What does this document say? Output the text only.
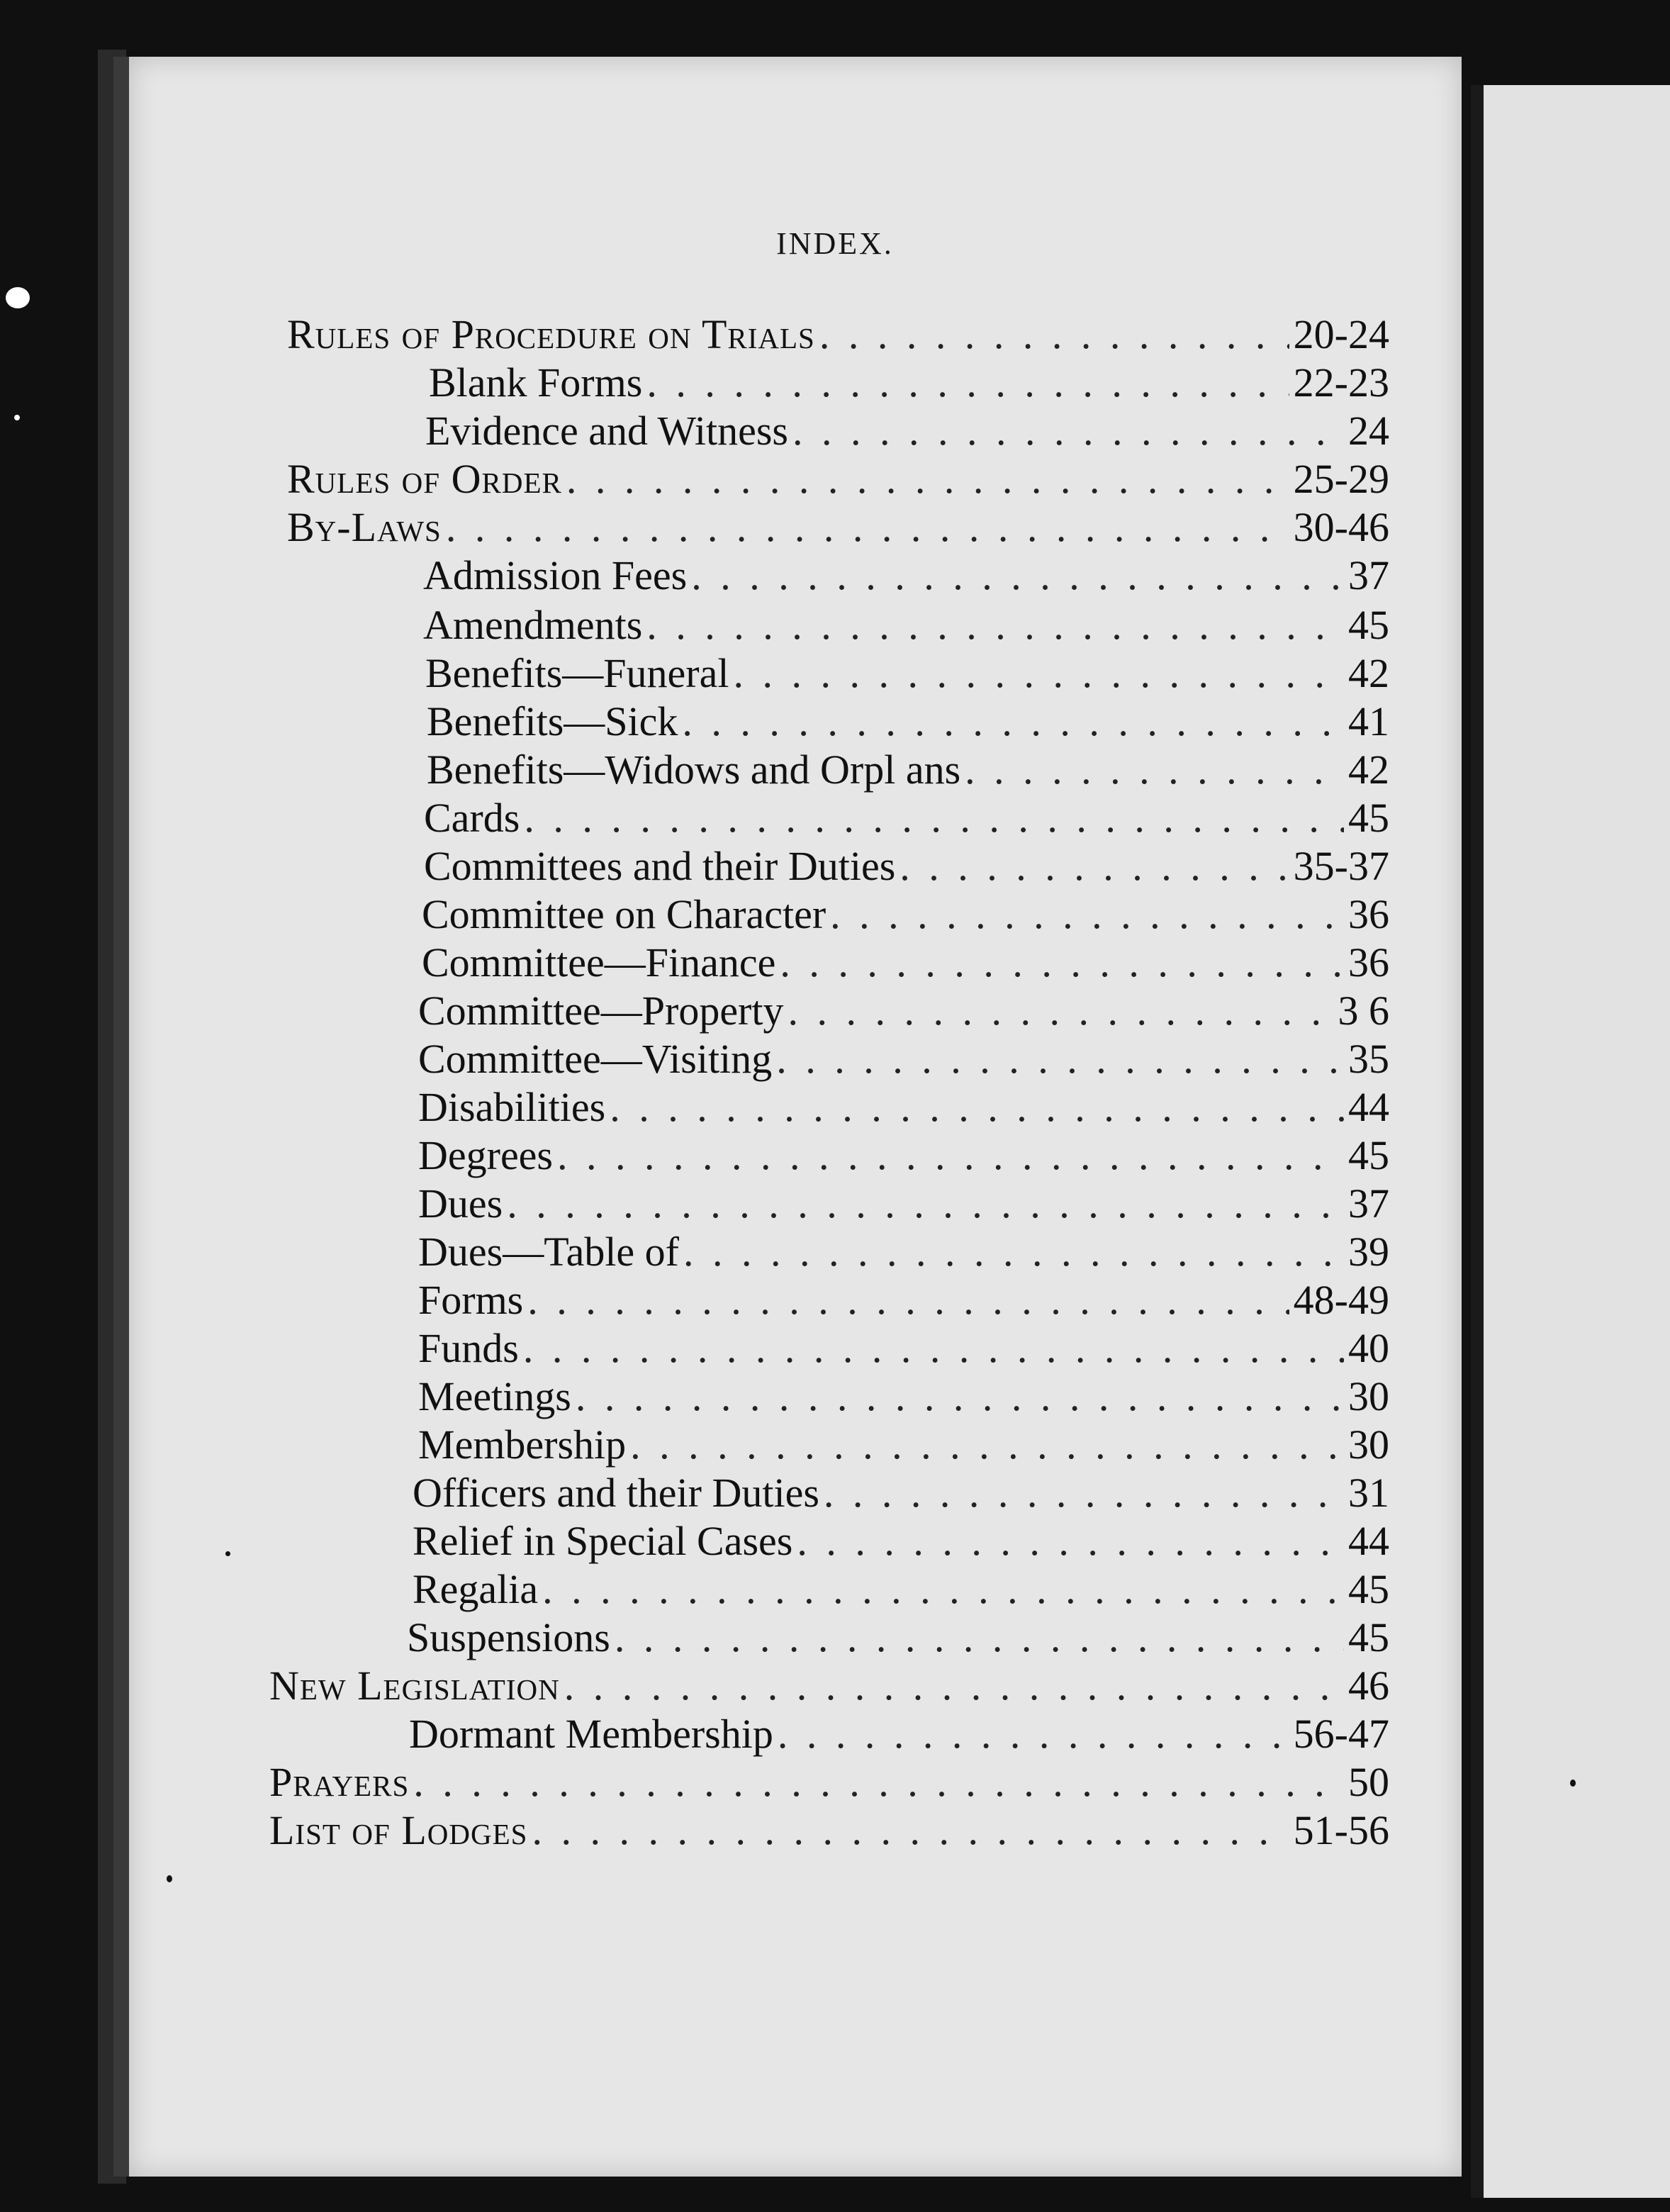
INDEX.
Rules of Procedure on Trials . . .	20-24
Blank Forms . . .	22-23
Evidence and Witness . . .	24
Rules of Order . . .	25-29
By-Laws . . .	30-46
Admission Fees . . .	37
Amendments . . .	45
Benefits—Funeral . . .	42
Benefits—Sick . . .	41
Benefits—Widows and Orpl ans . . .	42
Cards . . .	45
Committees and their Duties . . .	35-37
Committee on Character . . .	36
Committee—Finance . . .	36
Committee—Property . . .	3 6
Committee—Visiting . . .	35
Disabilities . . .	44
Degrees . . .	45
Dues . . .	37
Dues—Table of . . .	39
Forms . . .	48-49
Funds . . .	40
Meetings . . .	30
Membership . . .	30
Officers and their Duties . . .	31
Relief in Special Cases . . .	44
Regalia . . .	45
Suspensions . . .	45
New Legislation . . .	46
Dormant Membership . . .	56-47
Prayers . . .	50
List of Lodges . . .	51-56
